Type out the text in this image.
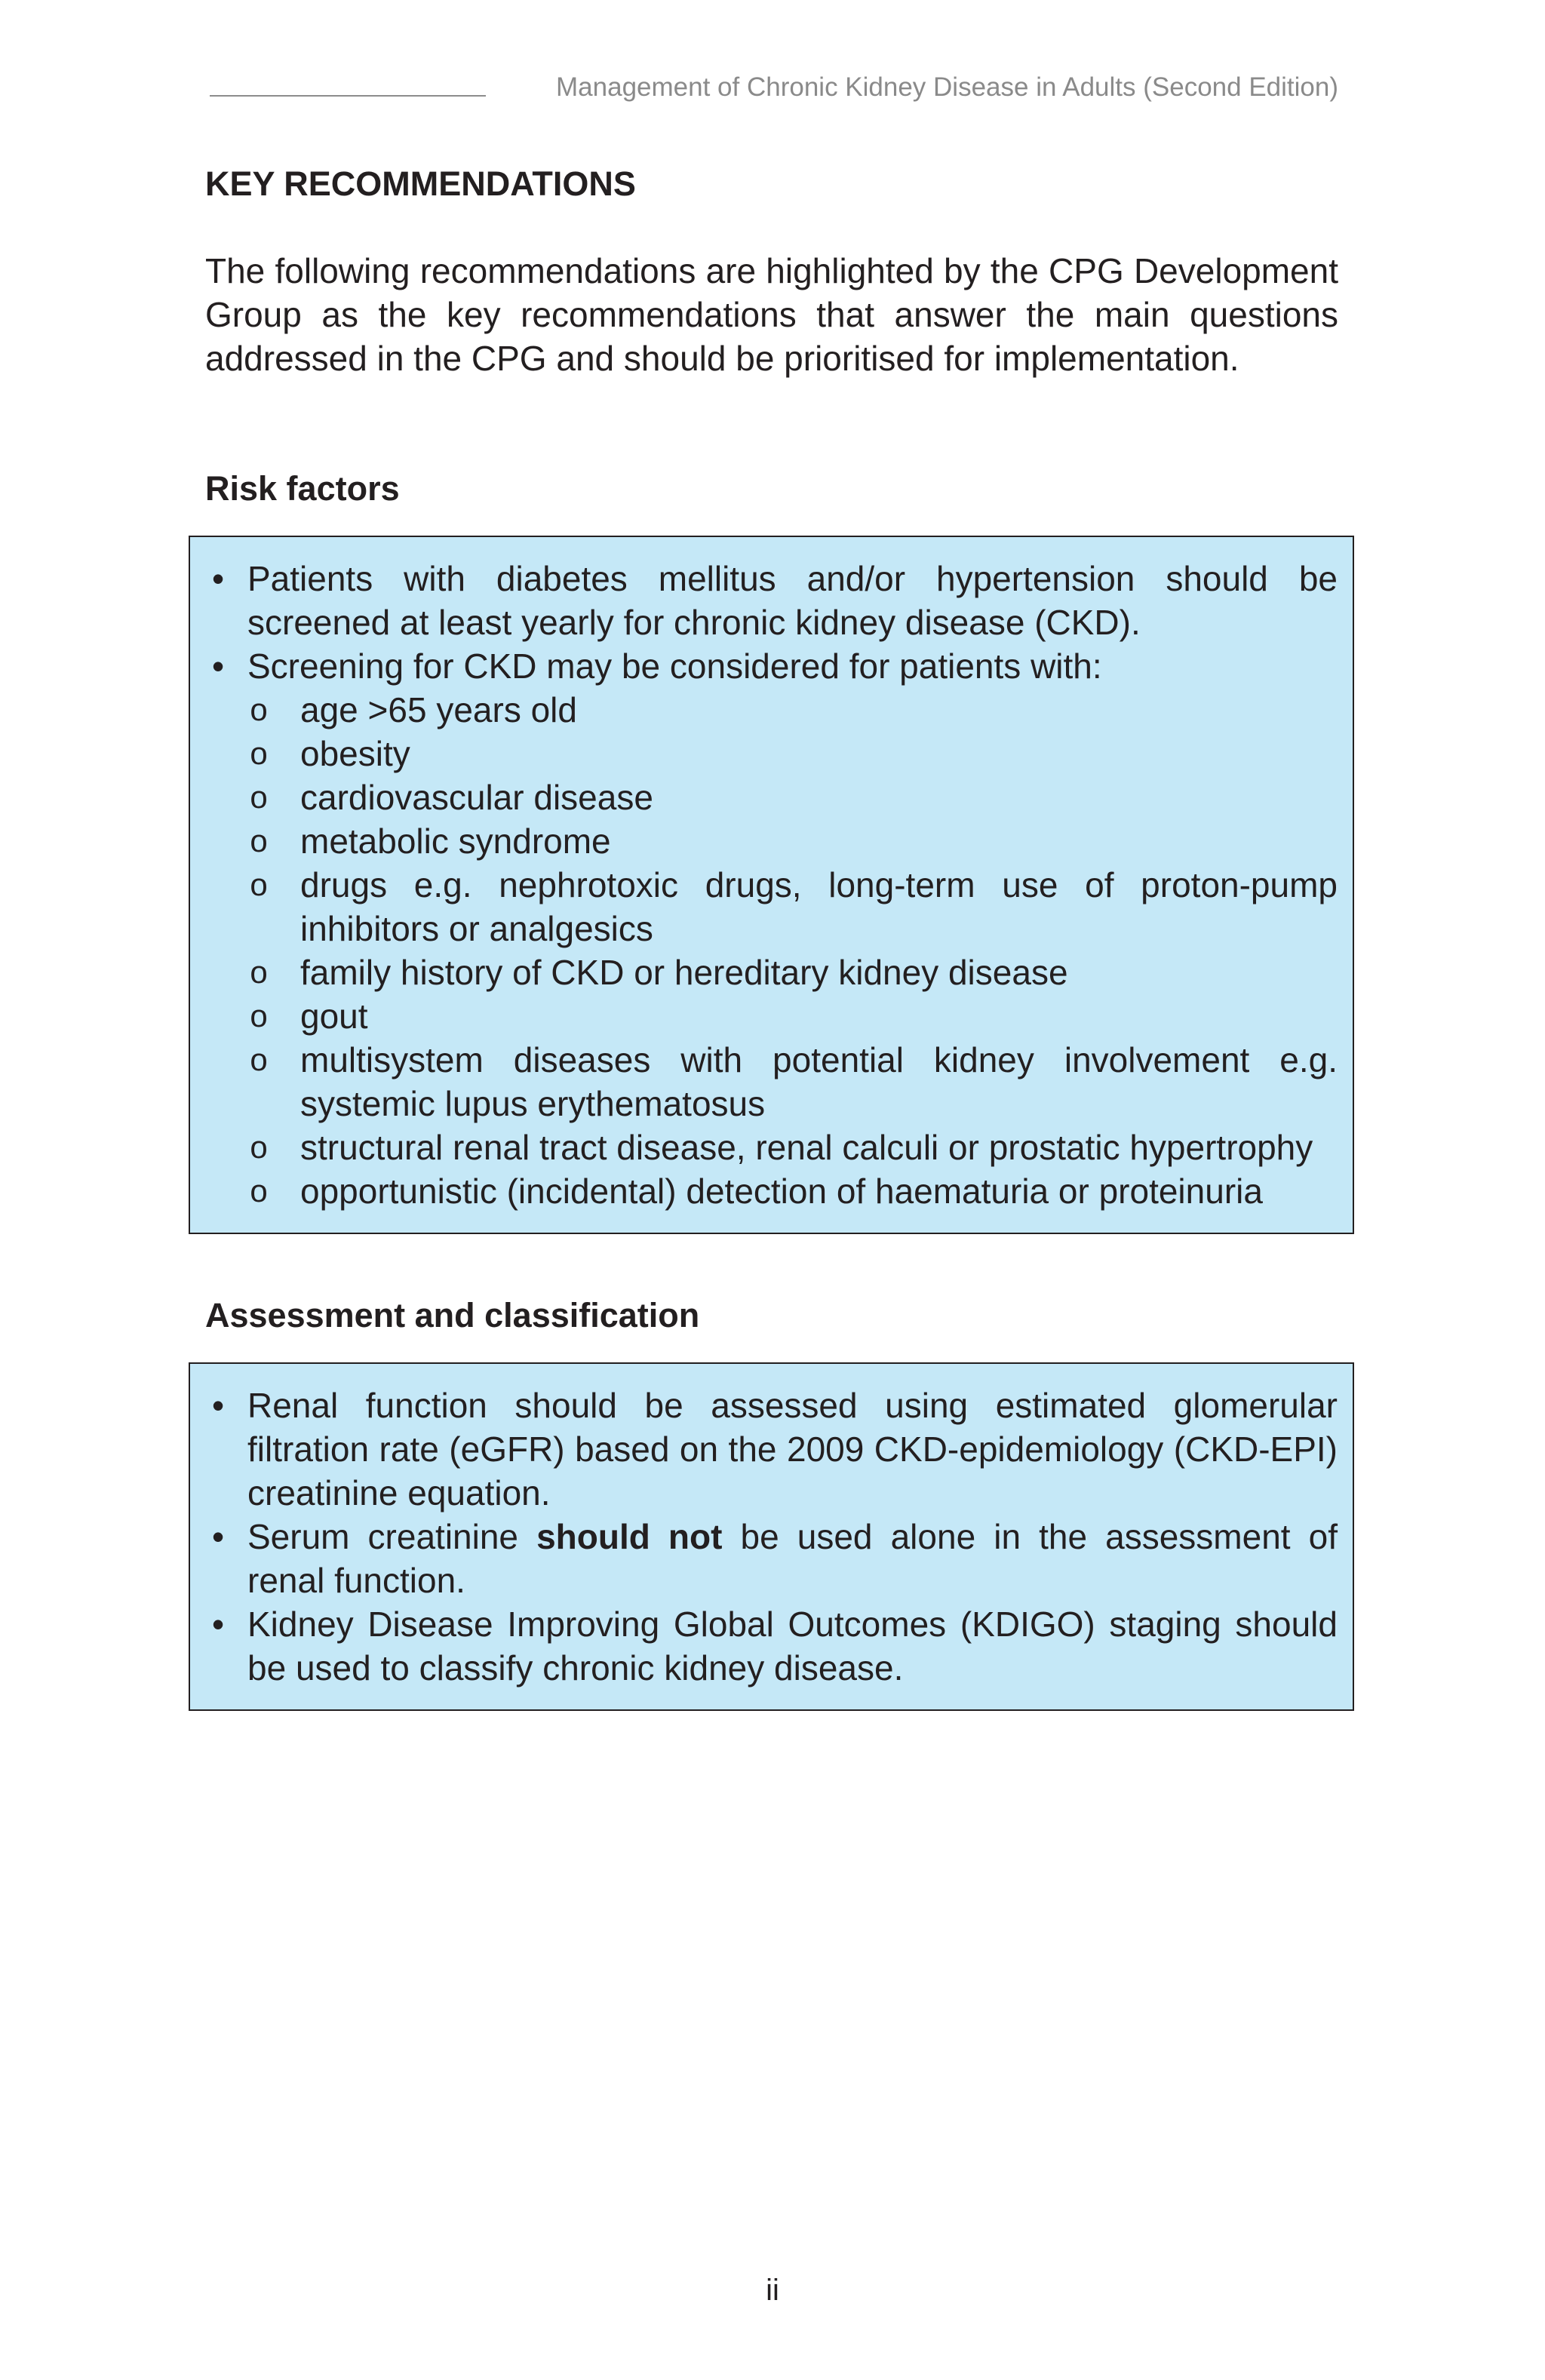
Management of Chronic Kidney Disease in Adults (Second Edition)
KEY RECOMMENDATIONS
The following recommendations are highlighted by the CPG Development Group as the key recommendations that answer the main questions addressed in the CPG and should be prioritised for implementation.
Risk factors
• Patients with diabetes mellitus and/or hypertension should be screened at least yearly for chronic kidney disease (CKD).
• Screening for CKD may be considered for patients with:
o age >65 years old
o obesity
o cardiovascular disease
o metabolic syndrome
o drugs e.g. nephrotoxic drugs, long-term use of proton-pump inhibitors or analgesics
o family history of CKD or hereditary kidney disease
o gout
o multisystem diseases with potential kidney involvement e.g. systemic lupus erythematosus
o structural renal tract disease, renal calculi or prostatic hypertrophy
o opportunistic (incidental) detection of haematuria or proteinuria
Assessment and classification
• Renal function should be assessed using estimated glomerular filtration rate (eGFR) based on the 2009 CKD-epidemiology (CKD-EPI) creatinine equation.
• Serum creatinine should not be used alone in the assessment of renal function.
• Kidney Disease Improving Global Outcomes (KDIGO) staging should be used to classify chronic kidney disease.
ii
